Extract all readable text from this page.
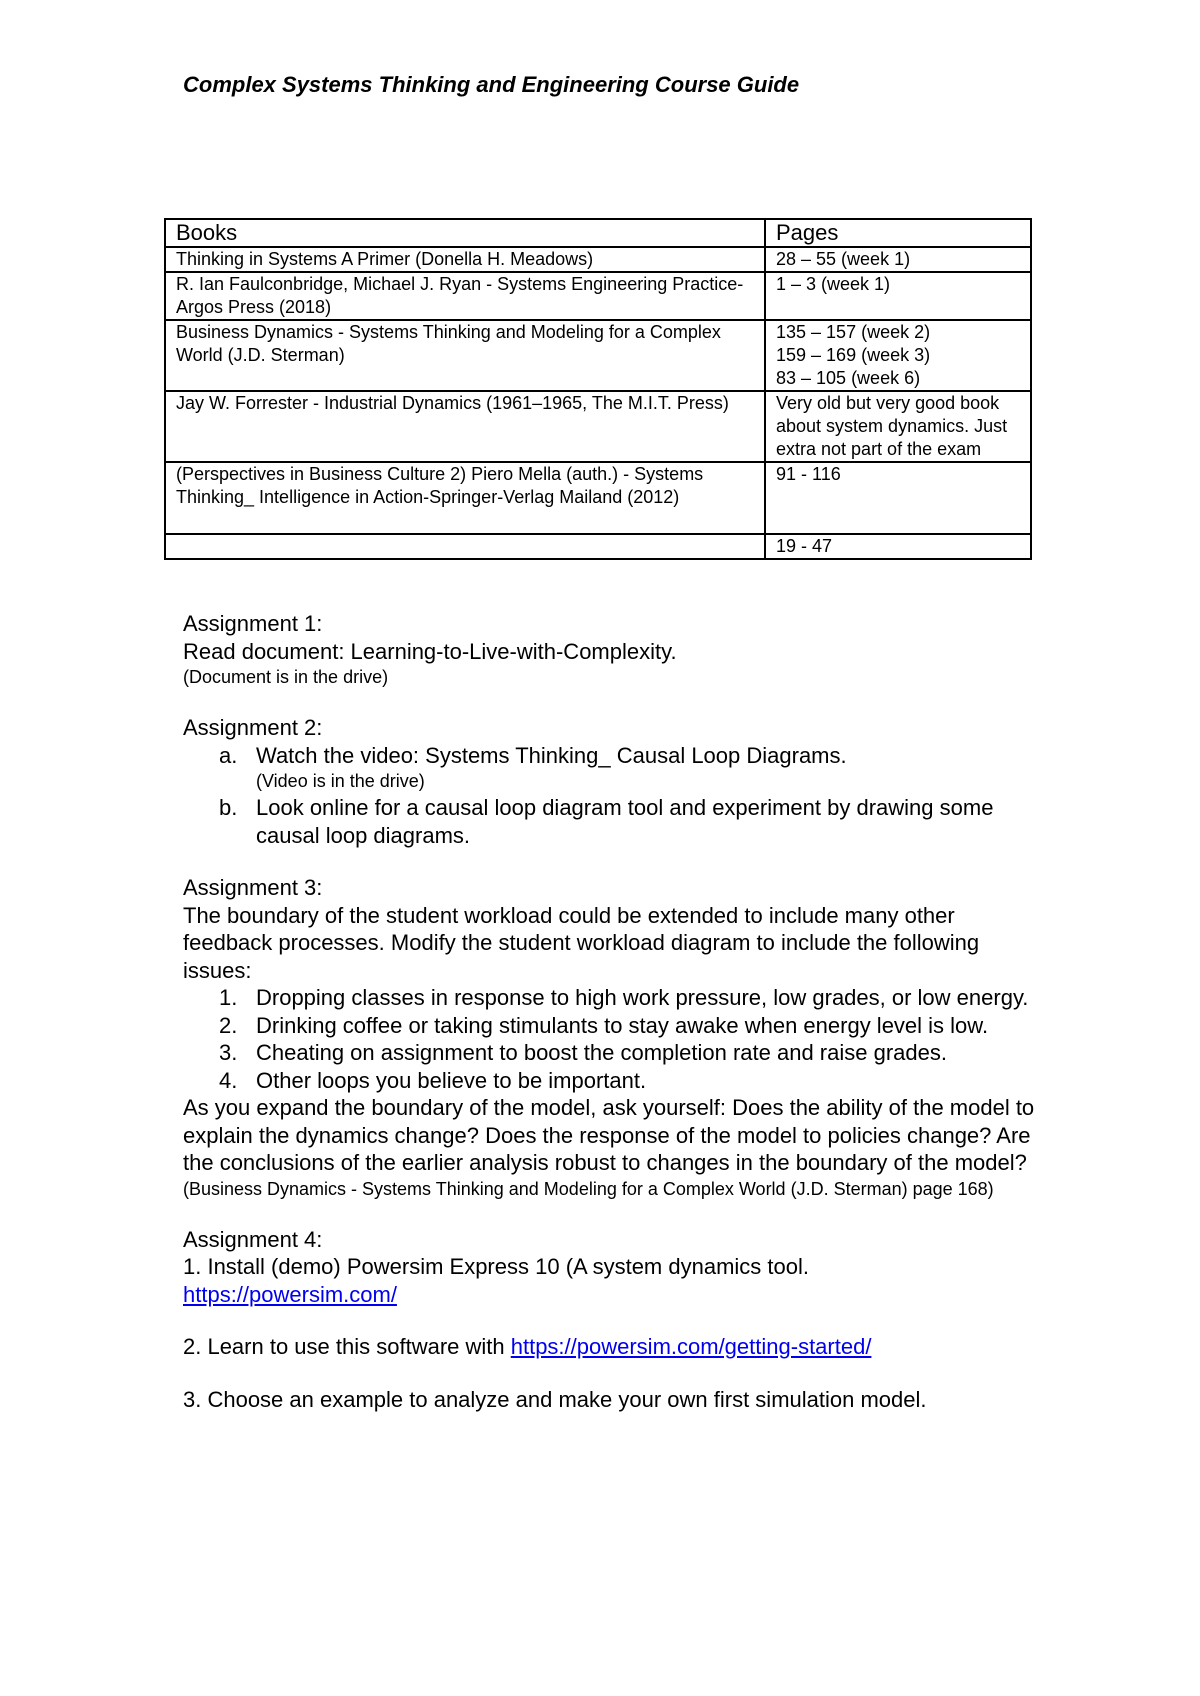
Complex Systems Thinking and Engineering Course Guide
Books	Pages
Thinking in Systems A Primer (Donella H. Meadows)	28 – 55 (week 1)
R. Ian Faulconbridge, Michael J. Ryan - Systems Engineering Practice-Argos Press (2018)	1 – 3 (week 1)
Business Dynamics - Systems Thinking and Modeling for a Complex World (J.D. Sterman)	135 – 157 (week 2)
159 – 169 (week 3)
83 – 105 (week 6)
Jay W. Forrester - Industrial Dynamics (1961–1965, The M.I.T. Press)	Very old but very good book about system dynamics. Just extra not part of the exam
(Perspectives in Business Culture 2) Piero Mella (auth.) - Systems Thinking_ Intelligence in Action-Springer-Verlag Mailand (2012)	91 - 116
	19 - 47

Assignment 1:

Read document: Learning-to-Live-with-Complexity.

(Document is in the drive)

Assignment 2:

a. Watch the video: Systems Thinking_ Causal Loop Diagrams.

(Video is in the drive)

b. Look online for a causal loop diagram tool and experiment by drawing some causal loop diagrams.

Assignment 3:

The boundary of the student workload could be extended to include many other feedback processes. Modify the student workload diagram to include the following issues:

1. Dropping classes in response to high work pressure, low grades, or low energy.
2. Drinking coffee or taking stimulants to stay awake when energy level is low.
3. Cheating on assignment to boost the completion rate and raise grades.
4. Other loops you believe to be important.

As you expand the boundary of the model, ask yourself: Does the ability of the model to explain the dynamics change? Does the response of the model to policies change? Are the conclusions of the earlier analysis robust to changes in the boundary of the model?

(Business Dynamics - Systems Thinking and Modeling for a Complex World (J.D. Sterman) page 168)

Assignment 4:

1. Install (demo) Powersim Express 10 (A system dynamics tool.

https://powersim.com/

2. Learn to use this software with https://powersim.com/getting-started/

3. Choose an example to analyze and make your own first simulation model.
